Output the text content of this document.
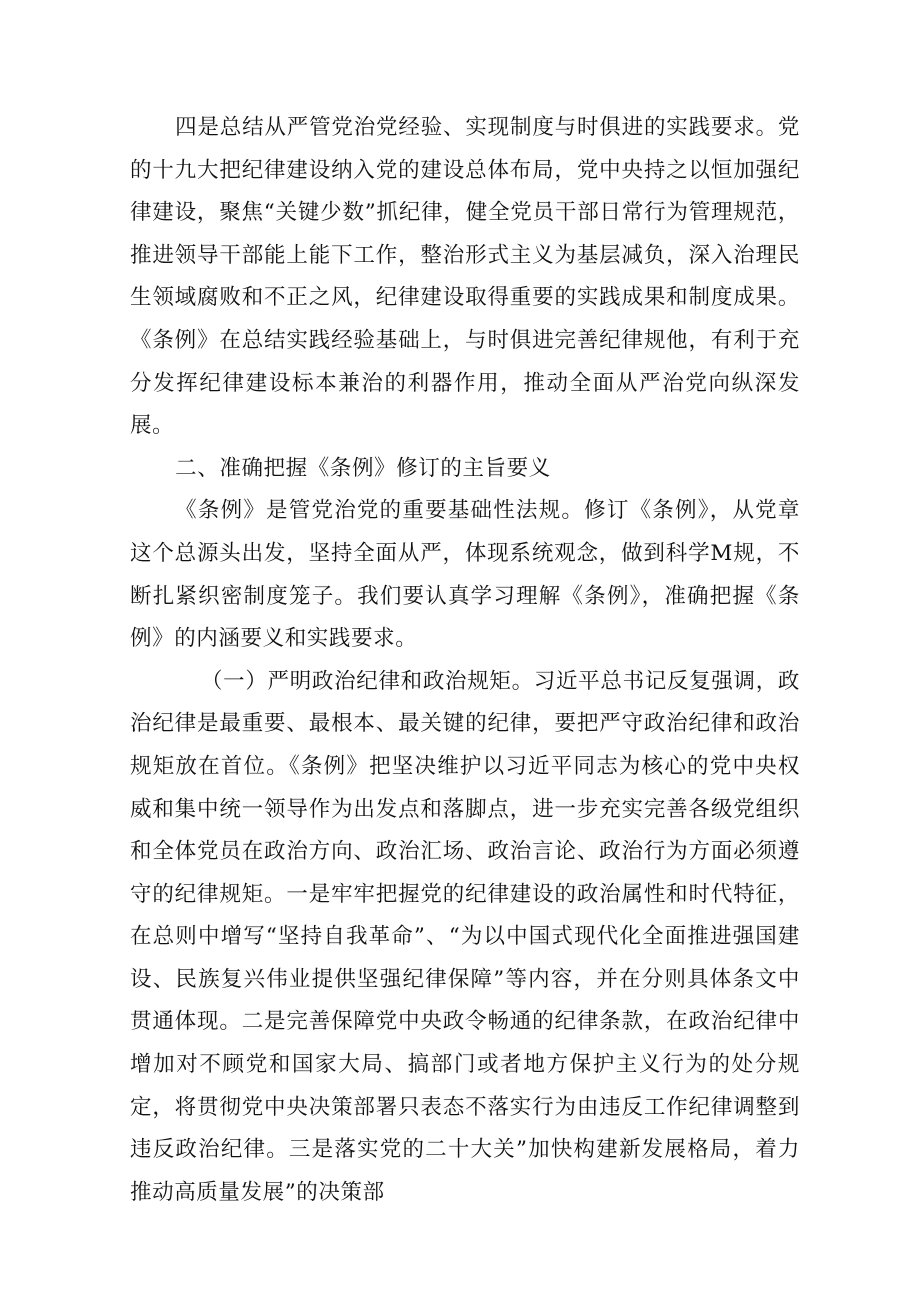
四是总结从严管党治党经验、实现制度与时俱进的实践要求。党的十九大把纪律建设纳入党的建设总体布局，党中央持之以恒加强纪律建设，聚焦“关键少数”抓纪律，健全党员干部日常行为管理规范，推进领导干部能上能下工作，整治形式主义为基层减负，深入治理民生领域腐败和不正之风，纪律建设取得重要的实践成果和制度成果。《条例》在总结实践经验基础上，与时俱进完善纪律规他，有利于充分发挥纪律建设标本兼治的利器作用，推动全面从严治党向纵深发展。

二、准确把握《条例》修订的主旨要义

《条例》是管党治党的重要基础性法规。修订《条例》，从党章这个总源头出发，坚持全面从严，体现系统观念，做到科学M规，不断扎紧织密制度笼子。我们要认真学习理解《条例》，准确把握《条例》的内涵要义和实践要求。

（一）严明政治纪律和政治规矩。习近平总书记反复强调，政治纪律是最重要、最根本、最关键的纪律，要把严守政治纪律和政治规矩放在首位。《条例》把坚决维护以习近平同志为核心的党中央权威和集中统一领导作为出发点和落脚点，进一步充实完善各级党组织和全体党员在政治方向、政治汇场、政治言论、政治行为方面必须遵守的纪律规矩。一是牢牢把握党的纪律建设的政治属性和时代特征，在总则中增写“坚持自我革命”、“为以中国式现代化全面推进强国建设、民族复兴伟业提供坚强纪律保障”等内容，并在分则具体条文中贯通体现。二是完善保障党中央政令畅通的纪律条款，在政治纪律中增加对不顾党和国家大局、搞部门或者地方保护主义行为的处分规定，将贯彻党中央决策部署只表态不落实行为由违反工作纪律调整到违反政治纪律。三是落实党的二十大关”加快构建新发展格局，着力推动高质量发展”的决策部
